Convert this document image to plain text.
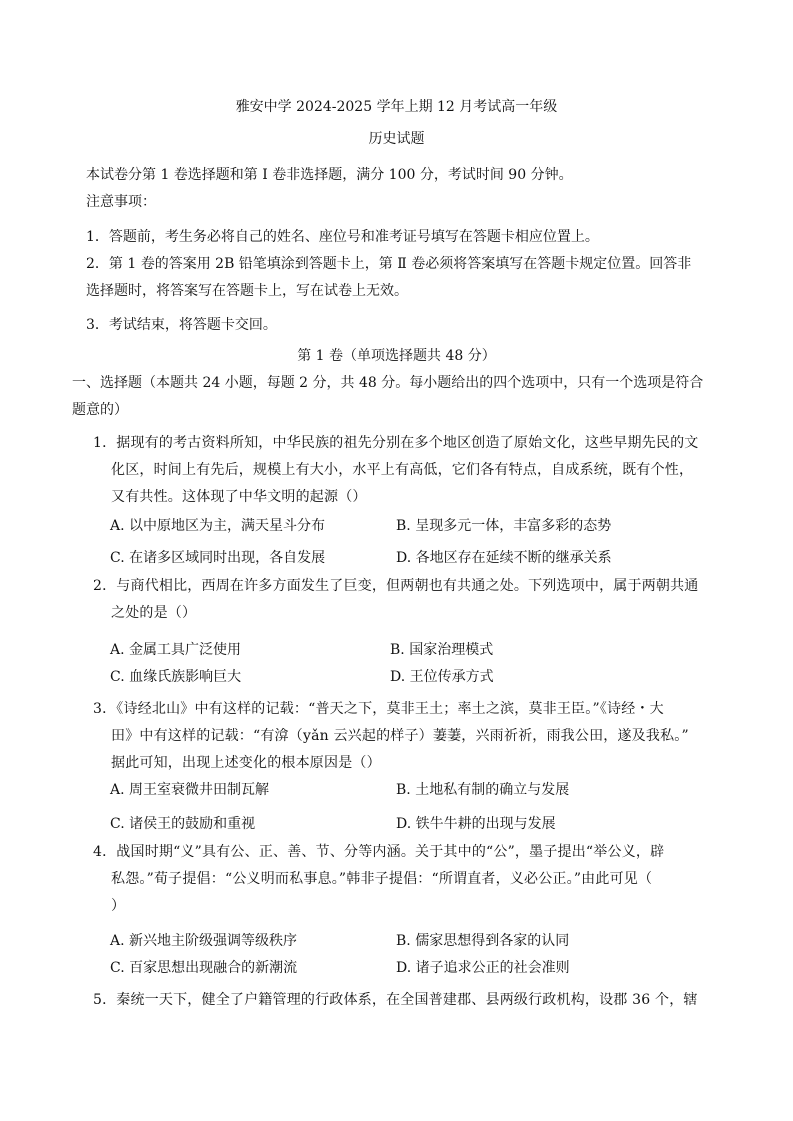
雅安中学 2024-2025 学年上期 12 月考试高一年级
历史试题
本试卷分第 1 卷选择题和第 Ⅰ 卷非选择题，满分 100 分，考试时间 90 分钟。
注意事项：
1．答题前，考生务必将自己的姓名、座位号和准考证号填写在答题卡相应位置上。
2．第 1 卷的答案用 2B 铅笔填涂到答题卡上，第 Ⅱ 卷必须将答案填写在答题卡规定位置。回答非
选择题时，将答案写在答题卡上，写在试卷上无效。
3．考试结束，将答题卡交回。
第 1 卷（单项选择题共 48 分）
一、选择题（本题共 24 小题，每题 2 分，共 48 分。每小题给出的四个选项中，只有一个选项是符合
题意的）
1．据现有的考古资料所知，中华民族的祖先分别在多个地区创造了原始文化，这些早期先民的文
化区，时间上有先后，规模上有大小，水平上有高低，它们各有特点，自成系统，既有个性，
又有共性。这体现了中华文明的起源（）
A. 以中原地区为主，满天星斗分布	B. 呈现多元一体，丰富多彩的态势
C. 在诸多区域同时出现，各自发展	D. 各地区存在延续不断的继承关系
2．与商代相比，西周在许多方面发生了巨变，但两朝也有共通之处。下列选项中，属于两朝共通
之处的是（）
A. 金属工具广泛使用	B. 国家治理模式
C. 血缘氏族影响巨大	D. 王位传承方式
3．《诗经北山》中有这样的记载：“普天之下，莫非王土；率土之滨，莫非王臣。”《诗经・大
田》中有这样的记载：“有渰（yǎn 云兴起的样子）萋萋，兴雨祈祈，雨我公田，遂及我私。”
据此可知，出现上述变化的根本原因是（）
A. 周王室衰微井田制瓦解	B. 土地私有制的确立与发展
C. 诸侯王的鼓励和重视	D. 铁牛牛耕的出现与发展
4．战国时期“义”具有公、正、善、节、分等内涵。关于其中的“公”，墨子提出“举公义，辟
私怨。”荀子提倡：“公义明而私事息。”韩非子提倡：“所谓直者，义必公正。”由此可见（
）
A. 新兴地主阶级强调等级秩序	B. 儒家思想得到各家的认同
C. 百家思想出现融合的新潮流	D. 诸子追求公正的社会准则
5．秦统一天下，健全了户籍管理的行政体系，在全国普建郡、县两级行政机构，设郡 36 个，辖
